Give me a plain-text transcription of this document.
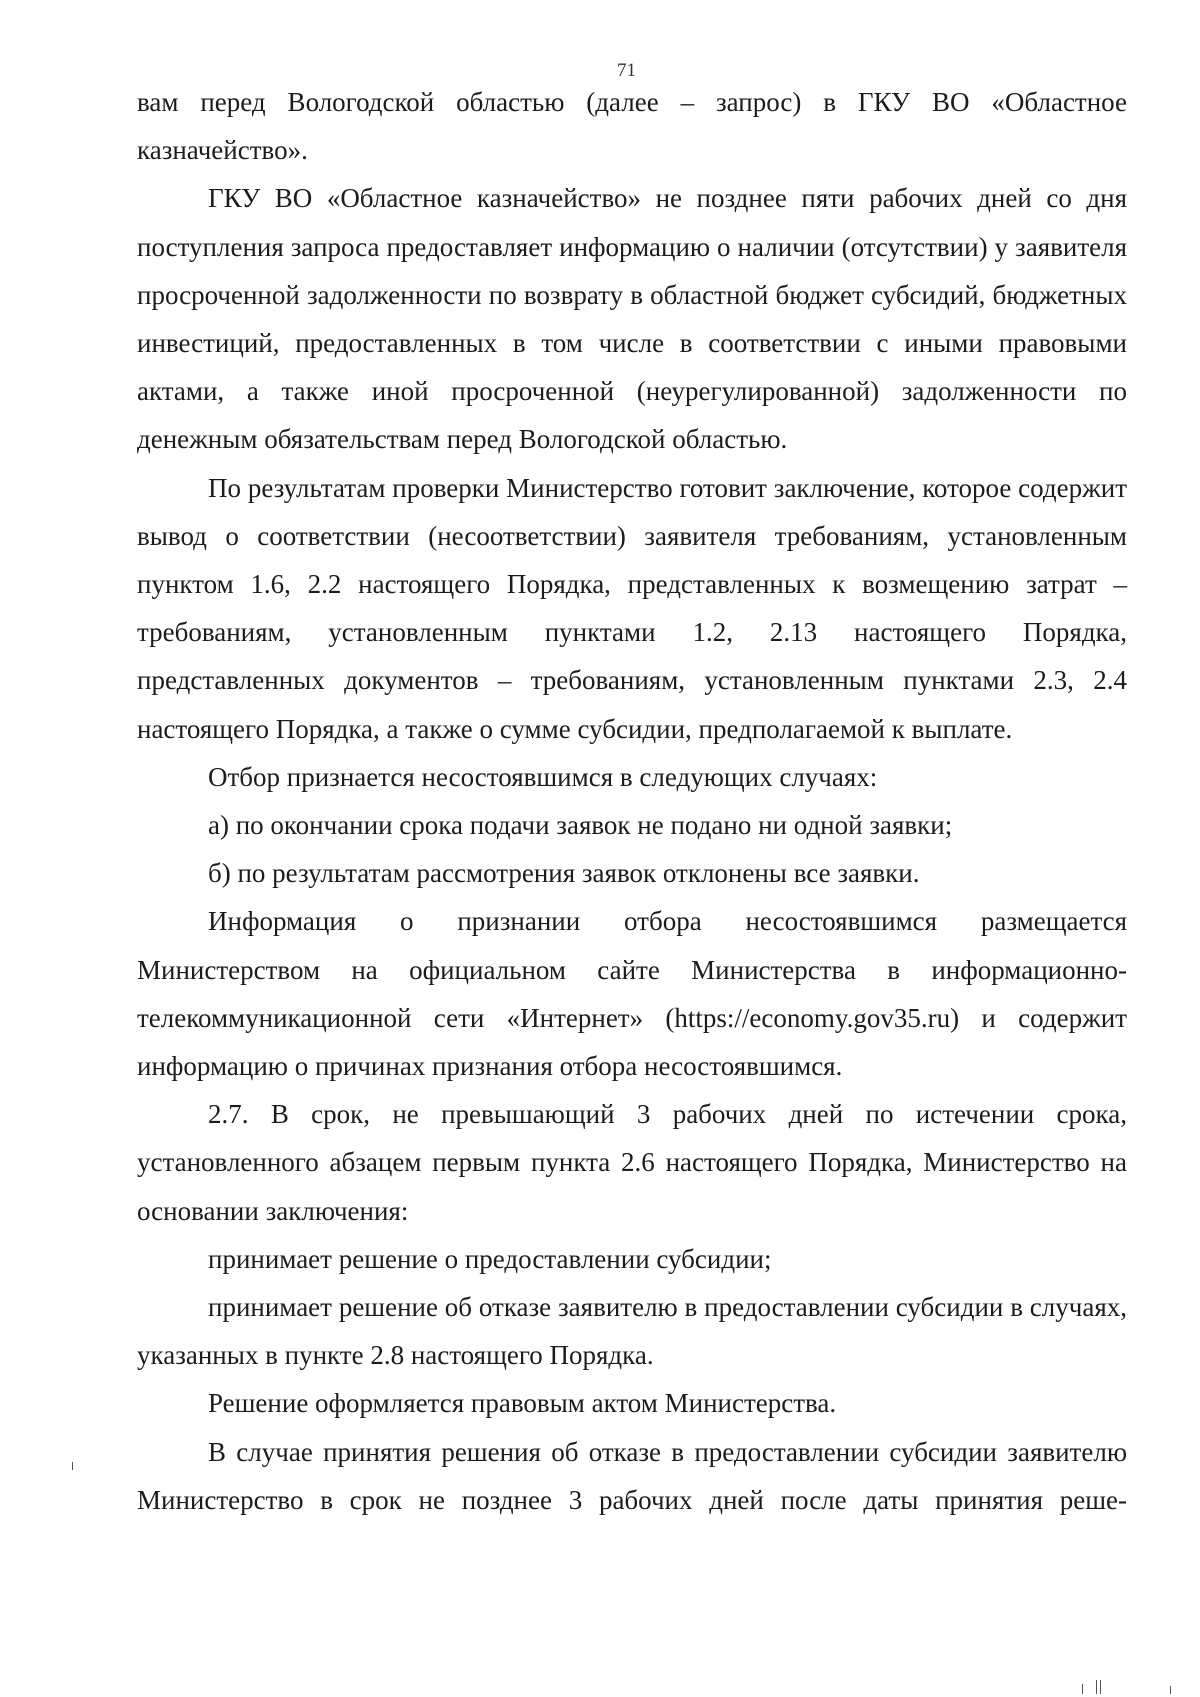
71

вам перед Вологодской областью (далее – запрос) в ГКУ ВО «Областное казначейство».

ГКУ ВО «Областное казначейство» не позднее пяти рабочих дней со дня поступления запроса предоставляет информацию о наличии (отсутствии) у заявителя просроченной задолженности по возврату в областной бюджет субсидий, бюджетных инвестиций, предоставленных в том числе в соответствии с иными правовыми актами, а также иной просроченной (неурегулированной) задолженности по денежным обязательствам перед Вологодской областью.

По результатам проверки Министерство готовит заключение, которое содержит вывод о соответствии (несоответствии) заявителя требованиям, установленным пунктом 1.6, 2.2 настоящего Порядка, представленных к возмещению затрат – требованиям, установленным пунктами 1.2, 2.13 настоящего Порядка, представленных документов – требованиям, установленным пунктами 2.3, 2.4 настоящего Порядка, а также о сумме субсидии, предполагаемой к выплате.

Отбор признается несостоявшимся в следующих случаях:

а) по окончании срока подачи заявок не подано ни одной заявки;

б) по результатам рассмотрения заявок отклонены все заявки.

Информация о признании отбора несостоявшимся размещается Министерством на официальном сайте Министерства в информационно-телекоммуникационной сети «Интернет» (https://economy.gov35.ru) и содержит информацию о причинах признания отбора несостоявшимся.

2.7. В срок, не превышающий 3 рабочих дней по истечении срока, установленного абзацем первым пункта 2.6 настоящего Порядка, Министерство на основании заключения:

принимает решение о предоставлении субсидии;

принимает решение об отказе заявителю в предоставлении субсидии в случаях, указанных в пункте 2.8 настоящего Порядка.

Решение оформляется правовым актом Министерства.

В случае принятия решения об отказе в предоставлении субсидии заявителю Министерство в срок не позднее 3 рабочих дней после даты принятия реше-
